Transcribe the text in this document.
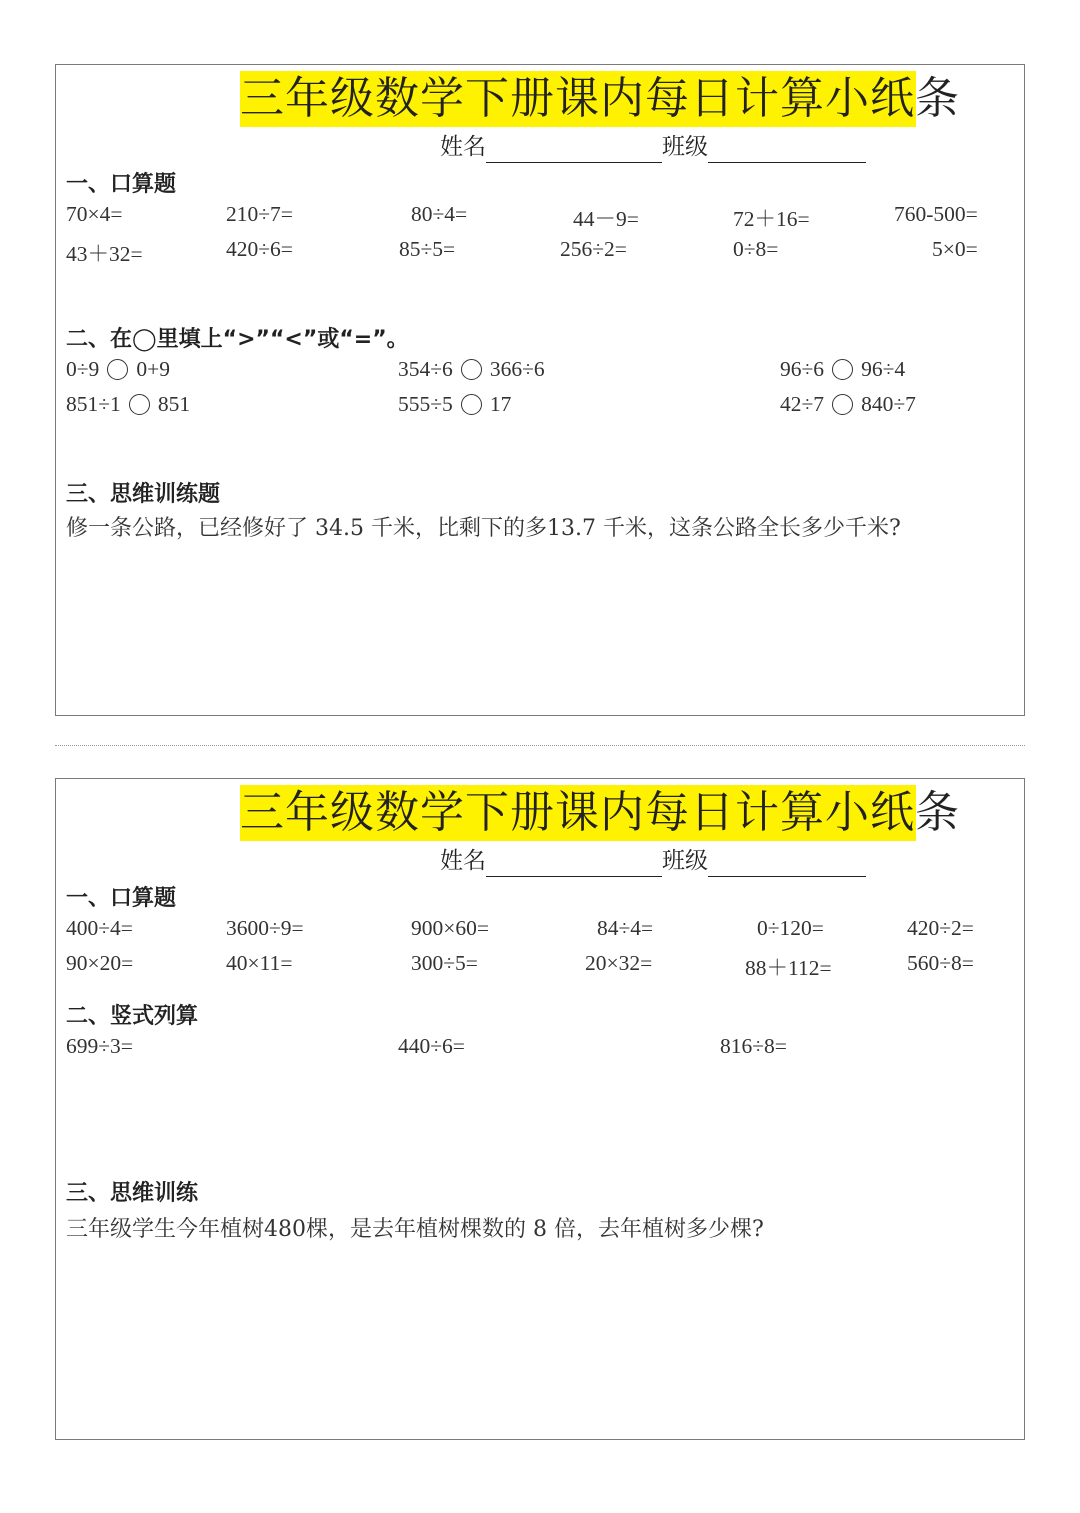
三年级数学下册课内每日计算小纸条
姓名	班级
一、口算题
70×4=	210÷7=	80÷4=	44－9=	72＋16=	760-500=
43＋32=	420÷6=	85÷5=	256÷2=	0÷8=	5×0=
二、在◯里填上“>”“<”或“=”。
0÷9 0+9	354÷6 366÷6	96÷6 96÷4
851÷1 851	555÷5 17	42÷7 840÷7
三、思维训练题
修一条公路，已经修好了 34.5 千米，比剩下的多13.7 千米，这条公路全长多少千米?
三年级数学下册课内每日计算小纸条
姓名	班级
一、口算题
400÷4=	3600÷9=	900×60=	84÷4=	0÷120=	420÷2=
90×20=	40×11=	300÷5=	20×32=	88＋112=	560÷8=
二、竖式列算
699÷3=	440÷6=	816÷8=
三、思维训练
三年级学生今年植树480棵，是去年植树棵数的 8 倍，去年植树多少棵?
